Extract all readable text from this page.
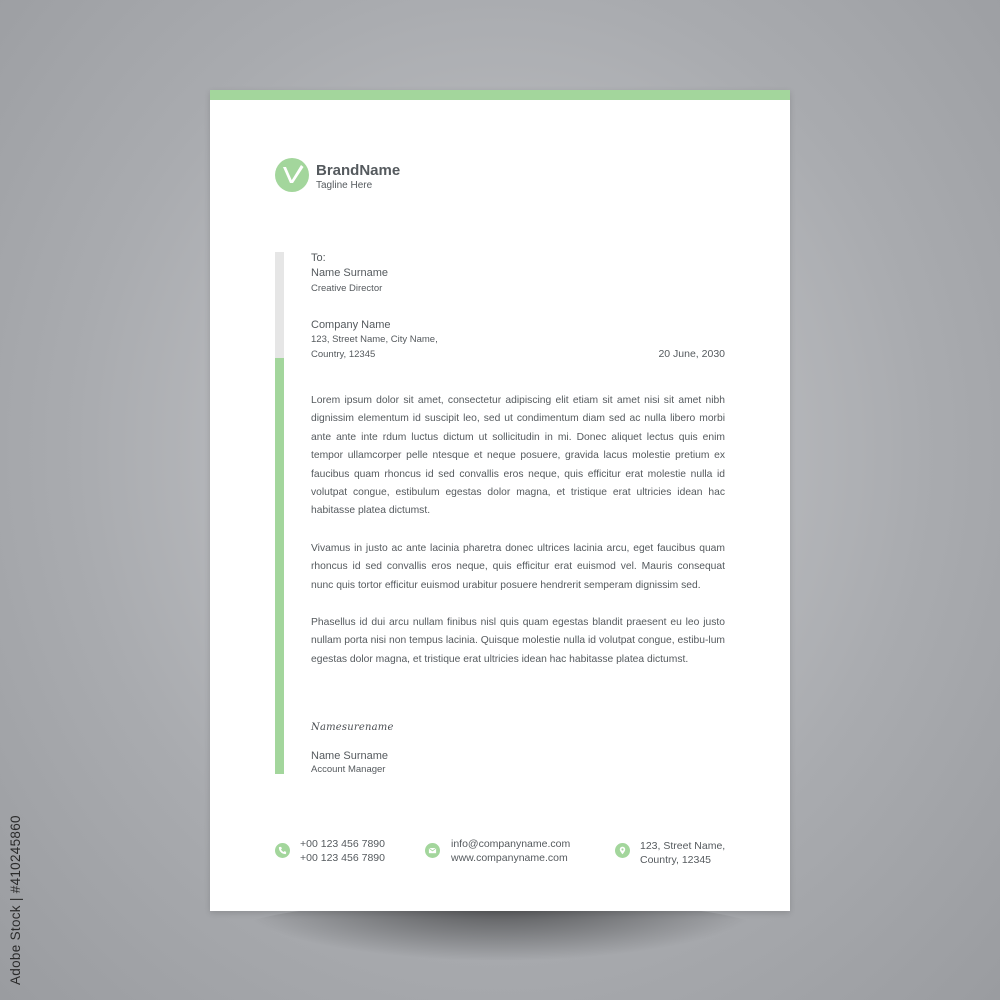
BrandName
Tagline Here
To:
Name Surname
Creative Director
Company Name
123, Street Name, City Name,
Country, 12345	20 June, 2030

Lorem ipsum dolor sit amet, consectetur adipiscing elit etiam sit amet nisi sit amet nibh dignissim elementum id suscipit leo, sed ut condimentum diam sed ac nulla libero morbi ante ante inte rdum luctus dictum ut sollicitudin in mi. Donec aliquet lectus quis enim tempor ullamcorper pelle ntesque et neque posuere, gravida lacus molestie pretium ex faucibus quam rhoncus id sed convallis eros neque, quis efficitur erat molestie nulla id volutpat congue, estibulum egestas dolor magna, et tristique erat ultricies idean hac habitasse platea dictumst.

Vivamus in justo ac ante lacinia pharetra donec ultrices lacinia arcu, eget faucibus quam rhoncus id sed convallis eros neque, quis efficitur erat euismod vel. Mauris consequat nunc quis tortor efficitur euismod urabitur posuere hendrerit semperam dignissim sed.

Phasellus id dui arcu nullam finibus nisl quis quam egestas blandit praesent eu leo justo nullam porta nisi non tempus lacinia. Quisque molestie nulla id volutpat congue, estibu-lum egestas dolor magna, et tristique erat ultricies idean hac habitasse platea dictumst.

Namesurename
Name Surname
Account Manager
+00 123 456 7890
+00 123 456 7890
info@companyname.com
www.companyname.com
123, Street Name,
Country, 12345
Adobe Stock | #410245860
